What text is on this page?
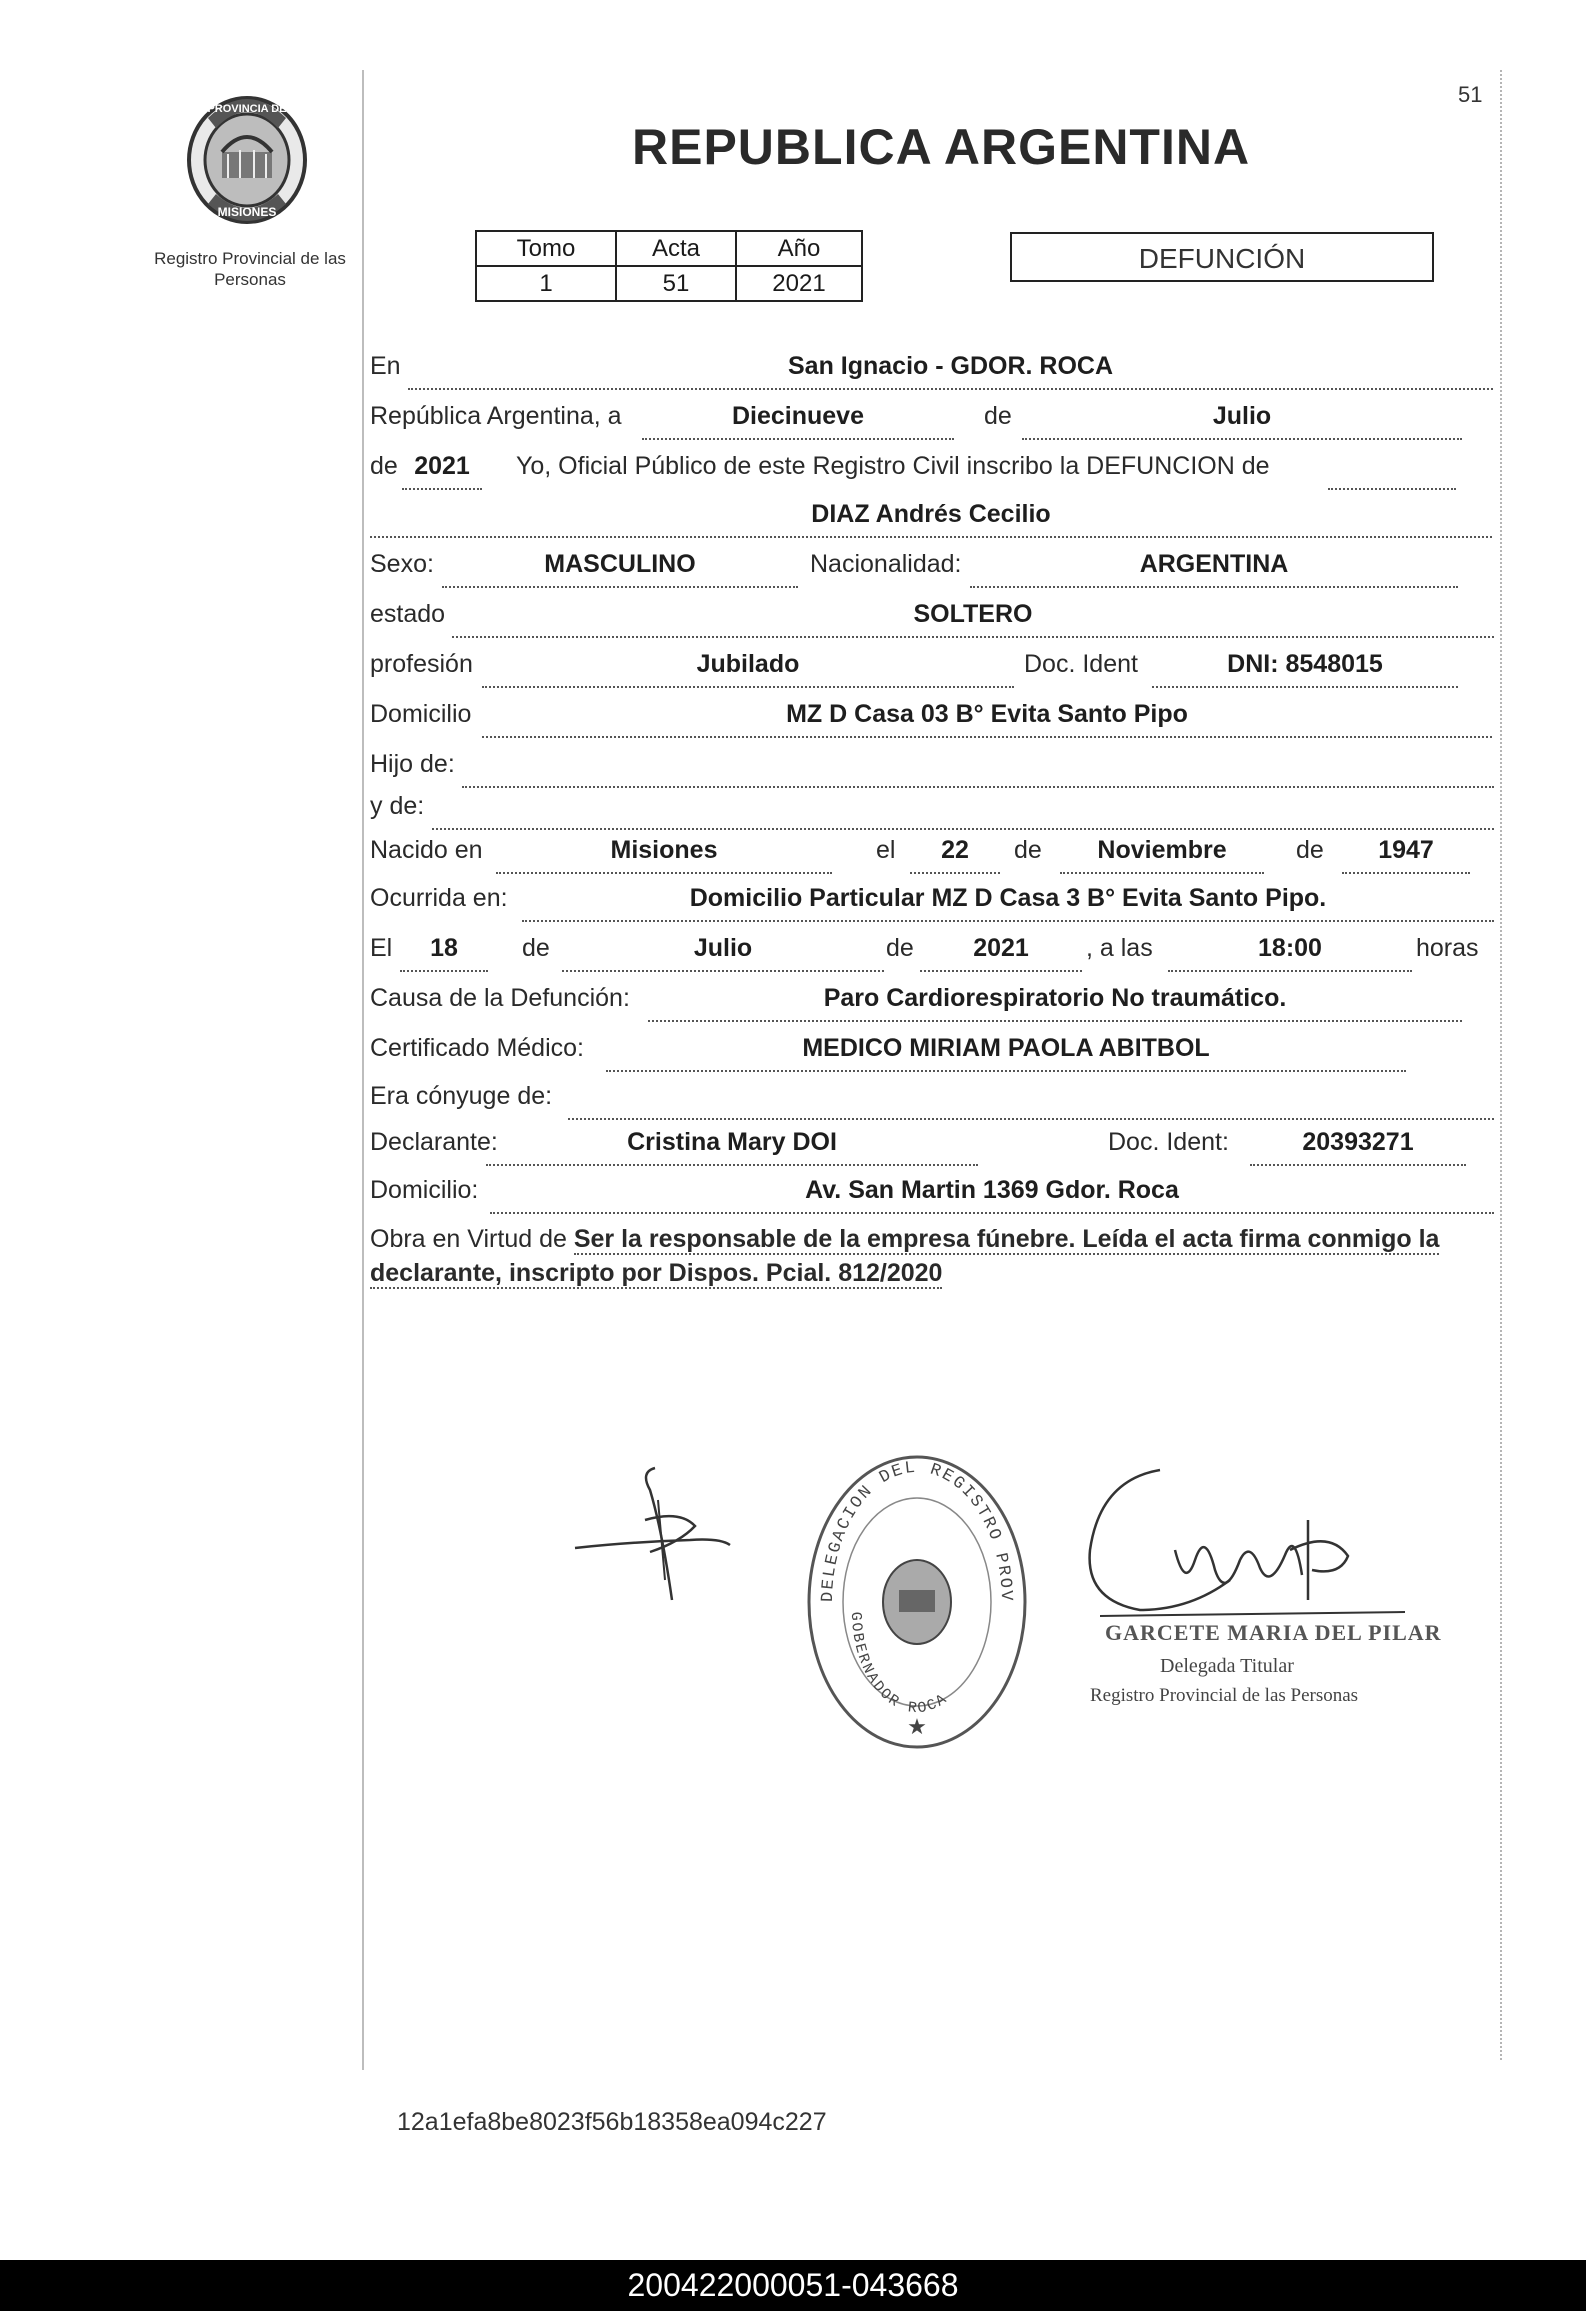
51
PROVINCIA DE
MISIONES
Registro Provincial de las Personas
REPUBLICA ARGENTINA
Tomo	Acta	Año
1	51	2021
DEFUNCIÓN
En	San Ignacio - GDOR. ROCA
República Argentina, a	Diecinueve	de	Julio
de 2021	Yo, Oficial Público de este Registro Civil inscribo la DEFUNCION de
DIAZ Andrés Cecilio
Sexo:	MASCULINO	Nacionalidad:	ARGENTINA
estado	SOLTERO
profesión	Jubilado	Doc. Ident	DNI: 8548015
Domicilio	MZ D Casa 03 B° Evita Santo Pipo
Hijo de:
y de:
Nacido en	Misiones	el	22	de	Noviembre	de	1947
Ocurrida en:	Domicilio Particular MZ D Casa 3 B° Evita Santo Pipo.
El	18	de	Julio	de	2021	, a las	18:00	horas
Causa de la Defunción:	Paro Cardiorespiratorio No traumático.
Certificado Médico:	MEDICO MIRIAM PAOLA ABITBOL
Era cónyuge de:
Declarante:	Cristina Mary DOI	Doc. Ident:	20393271
Domicilio:	Av. San Martin 1369 Gdor. Roca
Obra en Virtud de Ser la responsable de la empresa fúnebre. Leída el acta firma conmigo la declarante, inscripto por Dispos. Pcial. 812/2020
DELEGACION DEL REGISTRO PROV
GOBERNADOR ROCA
★
GARCETE MARIA DEL PILAR
Delegada Titular
Registro Provincial de las Personas
12a1efa8be8023f56b18358ea094c227
200422000051-043668
